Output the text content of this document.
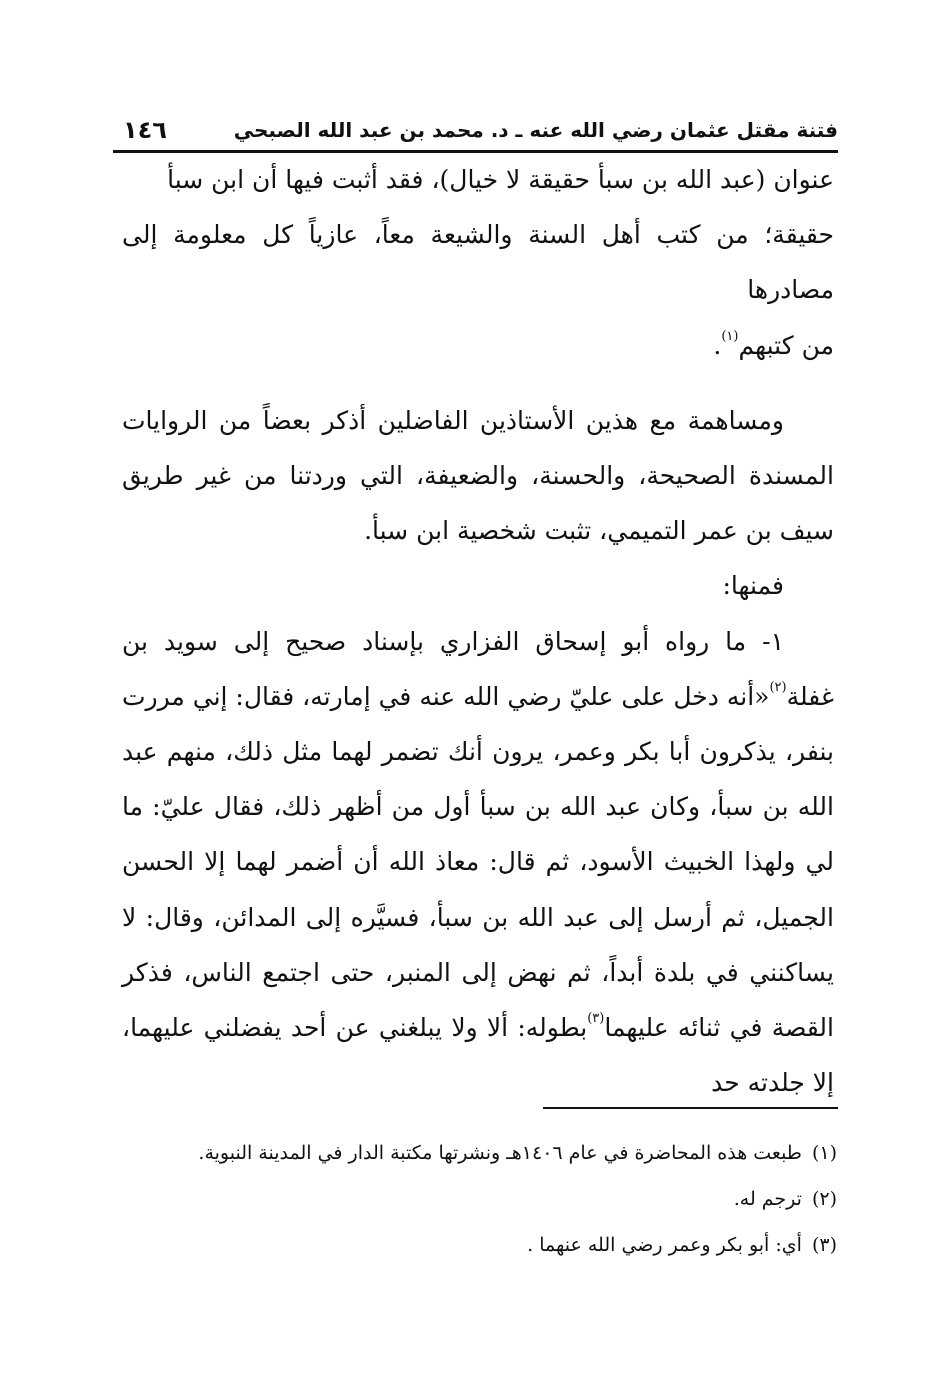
فتنة مقتل عثمان رضي الله عنه ـ د. محمد بن عبد الله الصبحي
١٤٦

عنوان (عبد الله بن سبأ حقيقة لا خيال)، فقد أثبت فيها أن ابن سبأ
حقيقة؛ من كتب أهل السنة والشيعة معاً، عازياً كل معلومة إلى مصادرها
من كتبهم$^{(١)}$.

ومساهمة مع هذين الأستاذين الفاضلين أذكر بعضاً من الروايات المسندة الصحيحة، والحسنة، والضعيفة، التي وردتنا من غير طريق سيف بن عمر التميمي، تثبت شخصية ابن سبأ.

فمنها:

١- ما رواه أبو إسحاق الفزاري بإسناد صحيح إلى سويد بن غفلة$^{(٢)}$«أنه دخل على عليّ رضي الله عنه في إمارته، فقال: إني مررت بنفر، يذكرون أبا بكر وعمر، يرون أنك تضمر لهما مثل ذلك، منهم عبد الله بن سبأ، وكان عبد الله بن سبأ أول من أظهر ذلك، فقال عليّ: ما لي ولهذا الخبيث الأسود، ثم قال: معاذ الله أن أضمر لهما إلا الحسن الجميل، ثم أرسل إلى عبد الله بن سبأ، فسيَّره إلى المدائن، وقال: لا يساكنني في بلدة أبداً، ثم نهض إلى المنبر، حتى اجتمع الناس، فذكر القصة في ثنائه عليهما$^{(٣)}$بطوله: ألا ولا يبلغني عن أحد يفضلني عليهما، إلا جلدته حد

(١)طبعت هذه المحاضرة في عام ١٤٠٦هـ ونشرتها مكتبة الدار في المدينة النبوية.
(٢)ترجم له.
(٣)أي: أبو بكر وعمر رضي الله عنهما .
